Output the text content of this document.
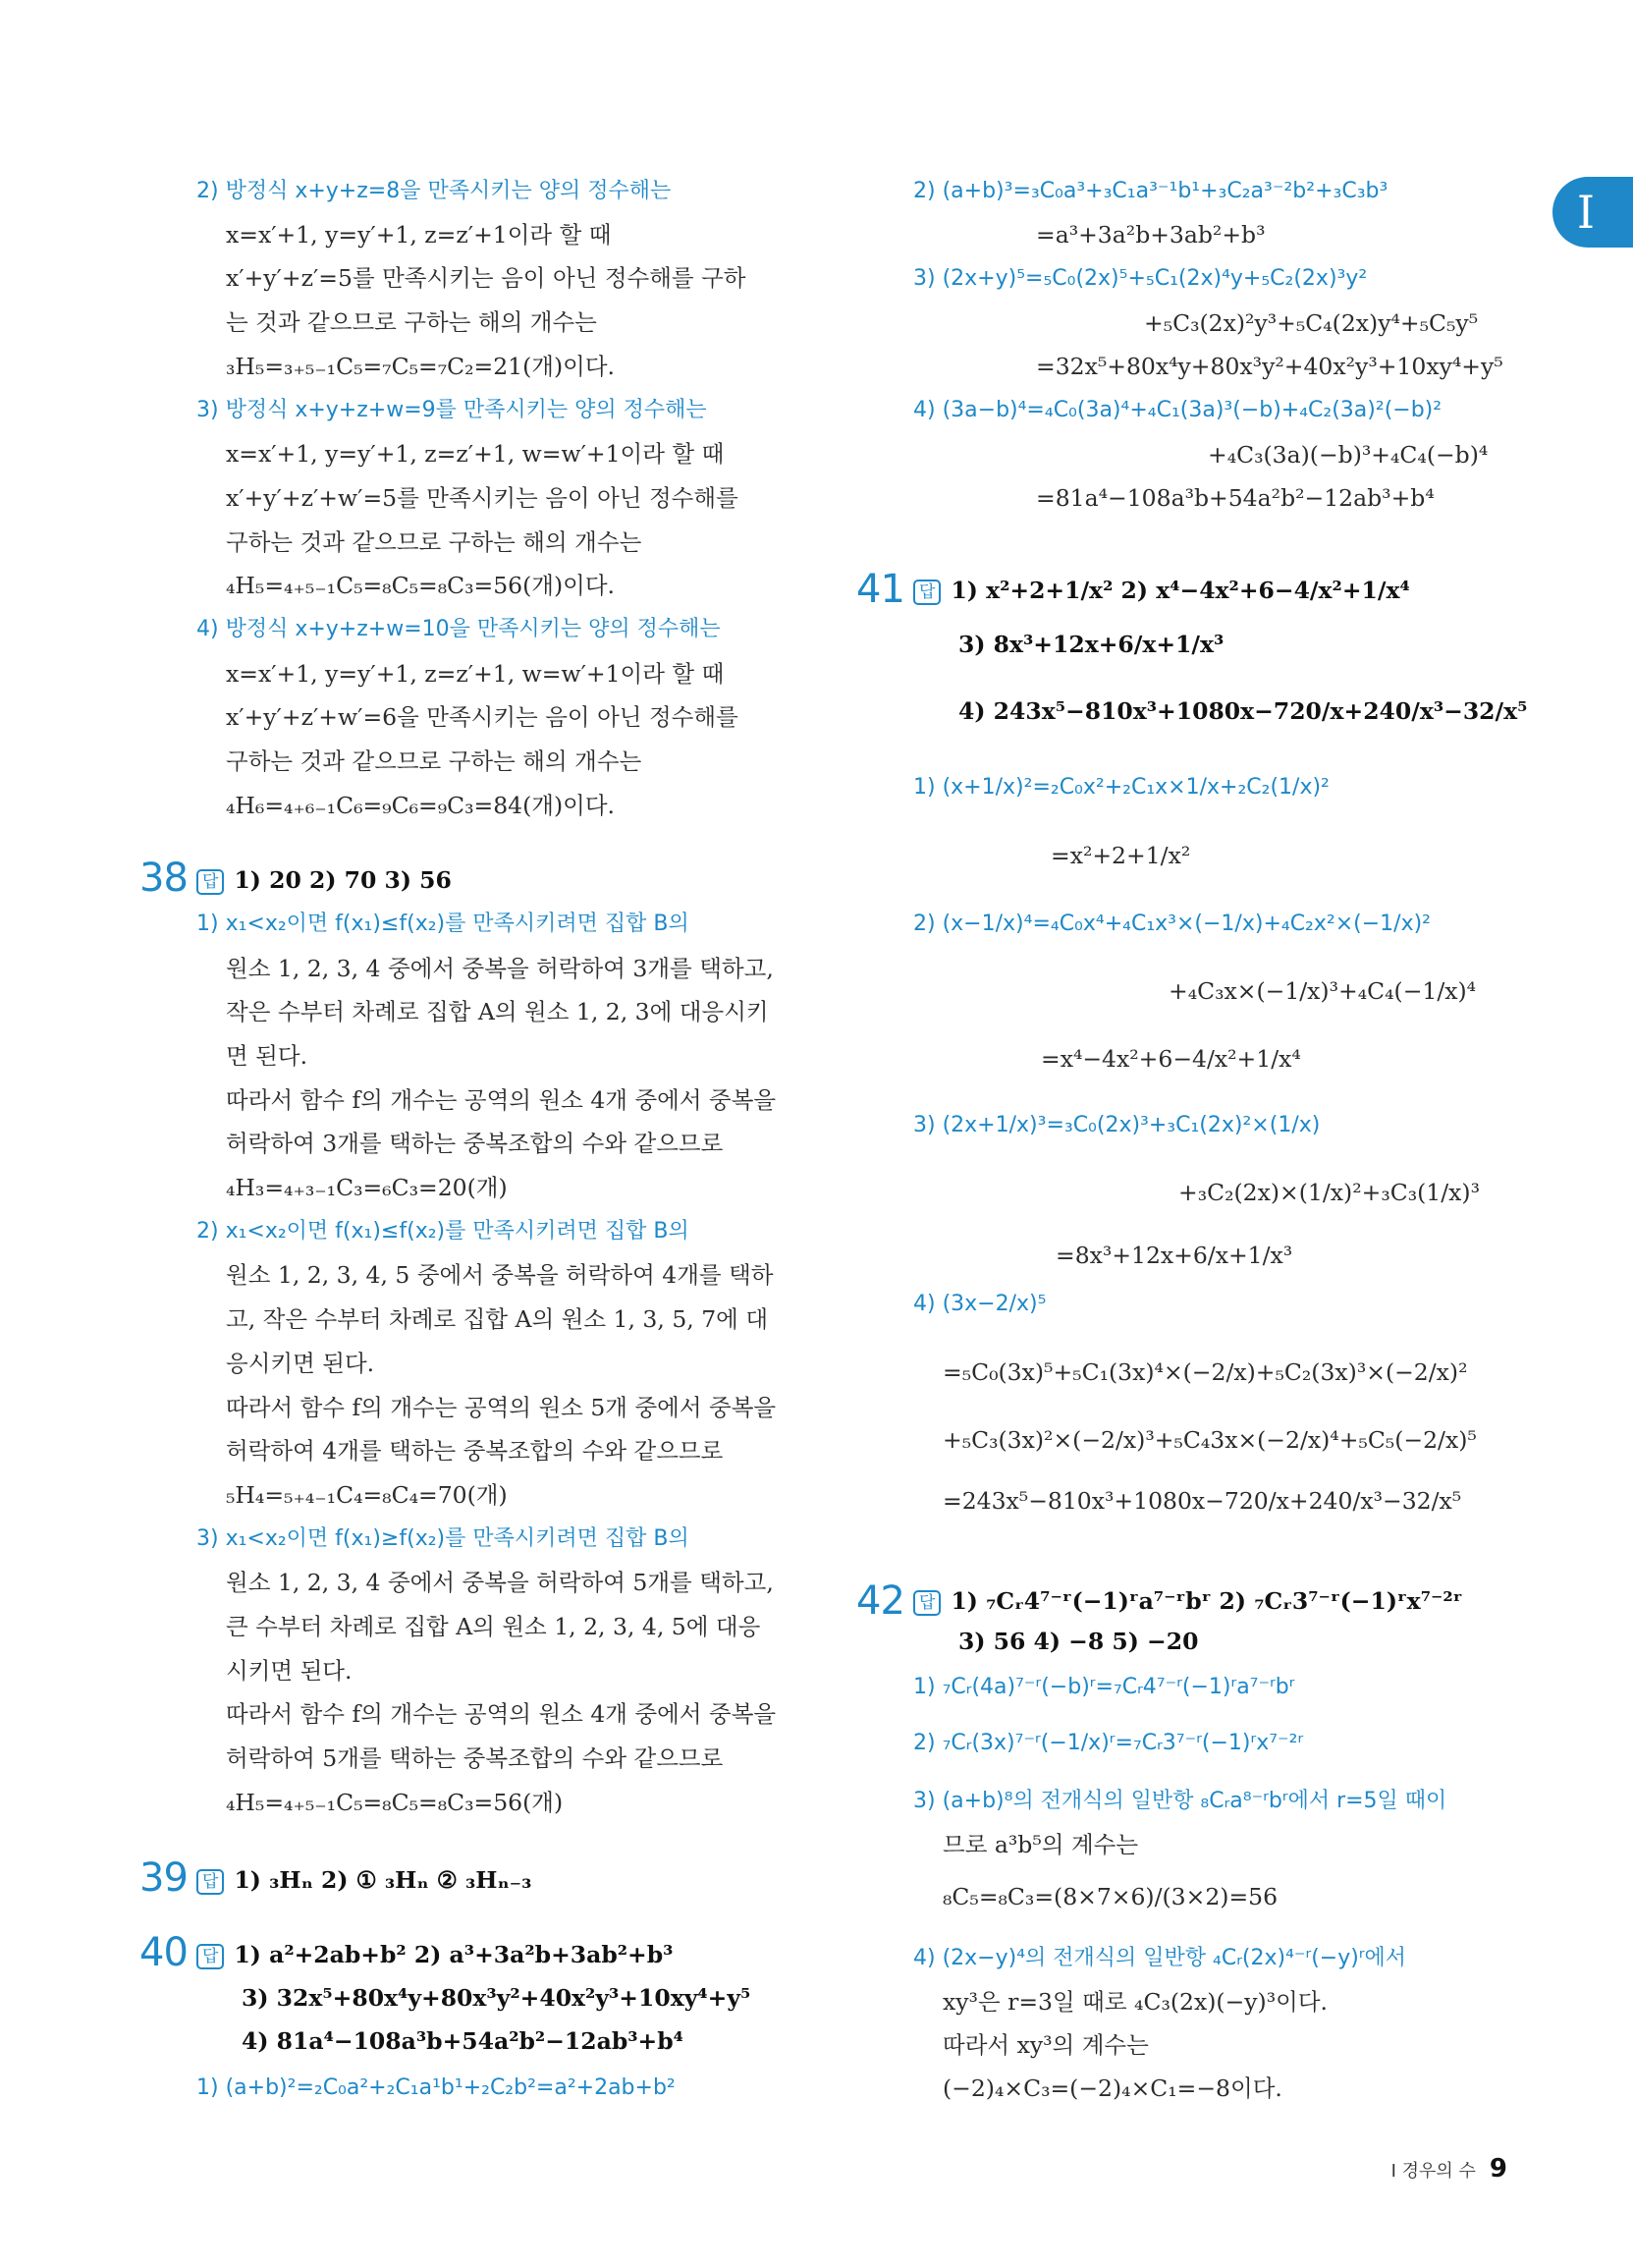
I
2) 방정식 x+y+z=8을 만족시키는 양의 정수해는
x=x′+1, y=y′+1, z=z′+1이라 할 때
x′+y′+z′=5를 만족시키는 음이 아닌 정수해를 구하
는 것과 같으므로 구하는 해의 개수는
₃H₅=₃₊₅₋₁C₅=₇C₅=₇C₂=21(개)이다.
3) 방정식 x+y+z+w=9를 만족시키는 양의 정수해는
x=x′+1, y=y′+1, z=z′+1, w=w′+1이라 할 때
x′+y′+z′+w′=5를 만족시키는 음이 아닌 정수해를
구하는 것과 같으므로 구하는 해의 개수는
₄H₅=₄₊₅₋₁C₅=₈C₅=₈C₃=56(개)이다.
4) 방정식 x+y+z+w=10을 만족시키는 양의 정수해는
x=x′+1, y=y′+1, z=z′+1, w=w′+1이라 할 때
x′+y′+z′+w′=6을 만족시키는 음이 아닌 정수해를
구하는 것과 같으므로 구하는 해의 개수는
₄H₆=₄₊₆₋₁C₆=₉C₆=₉C₃=84(개)이다.
38 답 1) 20 2) 70 3) 56
1) x₁<x₂이면 f(x₁)≤f(x₂)를 만족시키려면 집합 B의
원소 1, 2, 3, 4 중에서 중복을 허락하여 3개를 택하고,
작은 수부터 차례로 집합 A의 원소 1, 2, 3에 대응시키
면 된다.
따라서 함수 f의 개수는 공역의 원소 4개 중에서 중복을
허락하여 3개를 택하는 중복조합의 수와 같으므로
₄H₃=₄₊₃₋₁C₃=₆C₃=20(개)
2) x₁<x₂이면 f(x₁)≤f(x₂)를 만족시키려면 집합 B의
원소 1, 2, 3, 4, 5 중에서 중복을 허락하여 4개를 택하
고, 작은 수부터 차례로 집합 A의 원소 1, 3, 5, 7에 대
응시키면 된다.
따라서 함수 f의 개수는 공역의 원소 5개 중에서 중복을
허락하여 4개를 택하는 중복조합의 수와 같으므로
₅H₄=₅₊₄₋₁C₄=₈C₄=70(개)
3) x₁<x₂이면 f(x₁)≥f(x₂)를 만족시키려면 집합 B의
원소 1, 2, 3, 4 중에서 중복을 허락하여 5개를 택하고,
큰 수부터 차례로 집합 A의 원소 1, 2, 3, 4, 5에 대응
시키면 된다.
따라서 함수 f의 개수는 공역의 원소 4개 중에서 중복을
허락하여 5개를 택하는 중복조합의 수와 같으므로
₄H₅=₄₊₅₋₁C₅=₈C₅=₈C₃=56(개)
39 답 1) ₃Hₙ 2) ① ₃Hₙ ② ₃Hₙ₋₃
40 답 1) a²+2ab+b² 2) a³+3a²b+3ab²+b³
3) 32x⁵+80x⁴y+80x³y²+40x²y³+10xy⁴+y⁵
4) 81a⁴−108a³b+54a²b²−12ab³+b⁴
1) (a+b)²=₂C₀a²+₂C₁a¹b¹+₂C₂b²=a²+2ab+b²
2) (a+b)³=₃C₀a³+₃C₁a³⁻¹b¹+₃C₂a³⁻²b²+₃C₃b³
=a³+3a²b+3ab²+b³
3) (2x+y)⁵=₅C₀(2x)⁵+₅C₁(2x)⁴y+₅C₂(2x)³y²
+₅C₃(2x)²y³+₅C₄(2x)y⁴+₅C₅y⁵
=32x⁵+80x⁴y+80x³y²+40x²y³+10xy⁴+y⁵
4) (3a−b)⁴=₄C₀(3a)⁴+₄C₁(3a)³(−b)+₄C₂(3a)²(−b)²
+₄C₃(3a)(−b)³+₄C₄(−b)⁴
=81a⁴−108a³b+54a²b²−12ab³+b⁴
41 답 1) x²+2+1/x² 2) x⁴−4x²+6−4/x²+1/x⁴
3) 8x³+12x+6/x+1/x³
4) 243x⁵−810x³+1080x−720/x+240/x³−32/x⁵
1) (x+1/x)²=₂C₀x²+₂C₁x×1/x+₂C₂(1/x)²
=x²+2+1/x²
2) (x−1/x)⁴=₄C₀x⁴+₄C₁x³×(−1/x)+₄C₂x²×(−1/x)²
+₄C₃x×(−1/x)³+₄C₄(−1/x)⁴
=x⁴−4x²+6−4/x²+1/x⁴
3) (2x+1/x)³=₃C₀(2x)³+₃C₁(2x)²×(1/x)
+₃C₂(2x)×(1/x)²+₃C₃(1/x)³
=8x³+12x+6/x+1/x³
4) (3x−2/x)⁵
=₅C₀(3x)⁵+₅C₁(3x)⁴×(−2/x)+₅C₂(3x)³×(−2/x)²
+₅C₃(3x)²×(−2/x)³+₅C₄3x×(−2/x)⁴+₅C₅(−2/x)⁵
=243x⁵−810x³+1080x−720/x+240/x³−32/x⁵
42 답 1) ₇Cᵣ4⁷⁻ʳ(−1)ʳa⁷⁻ʳbʳ 2) ₇Cᵣ3⁷⁻ʳ(−1)ʳx⁷⁻²ʳ
3) 56 4) −8 5) −20
1) ₇Cᵣ(4a)⁷⁻ʳ(−b)ʳ=₇Cᵣ4⁷⁻ʳ(−1)ʳa⁷⁻ʳbʳ
2) ₇Cᵣ(3x)⁷⁻ʳ(−1/x)ʳ=₇Cᵣ3⁷⁻ʳ(−1)ʳx⁷⁻²ʳ
3) (a+b)⁸의 전개식의 일반항 ₈Cᵣa⁸⁻ʳbʳ에서 r=5일 때이
므로 a³b⁵의 계수는
₈C₅=₈C₃=(8×7×6)/(3×2)=56
4) (2x−y)⁴의 전개식의 일반항 ₄Cᵣ(2x)⁴⁻ʳ(−y)ʳ에서
xy³은 r=3일 때로 ₄C₃(2x)(−y)³이다.
따라서 xy³의 계수는
(−2)₄×C₃=(−2)₄×C₁=−8이다.
I 경우의 수 9
